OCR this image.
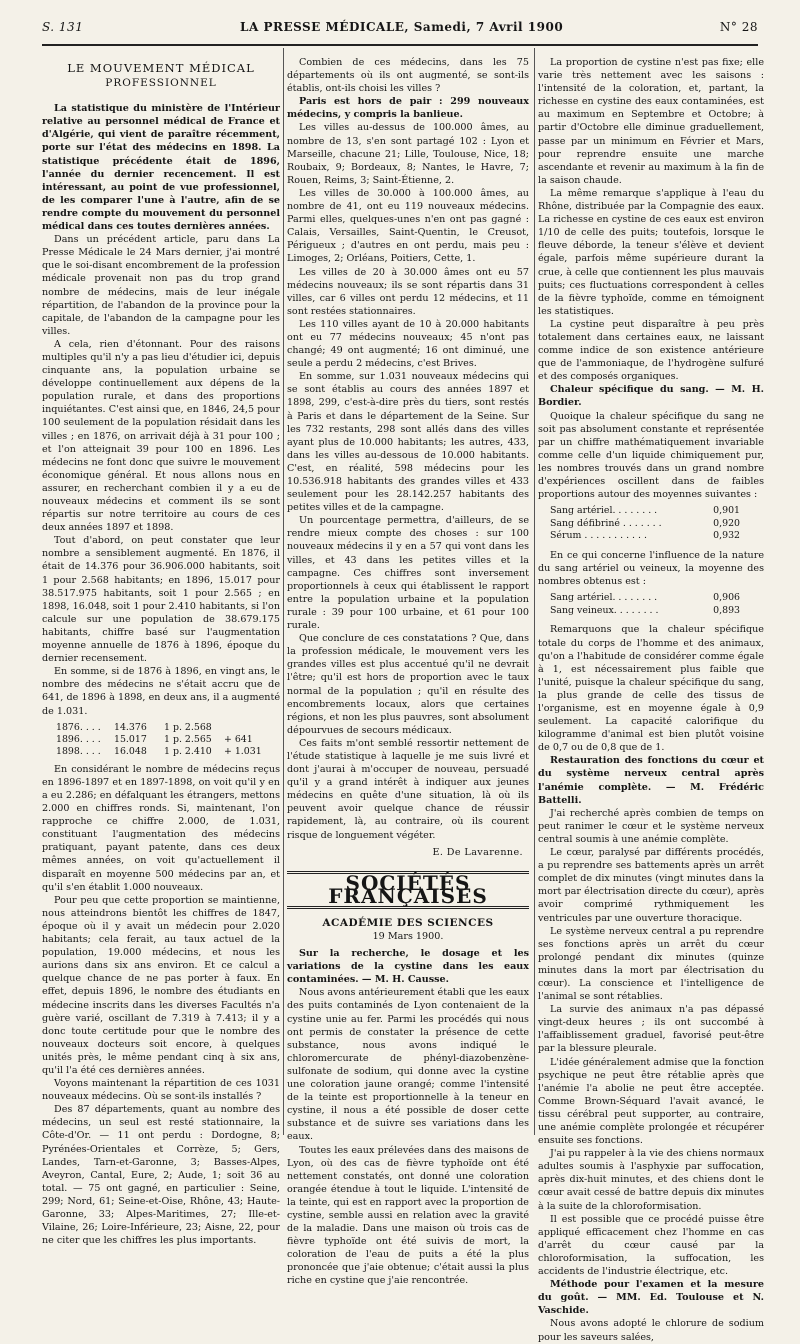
S. 131	LA PRESSE MÉDICALE, Samedi, 7 Avril 1900	N° 28
LE MOUVEMENT MÉDICAL
PROFESSIONNEL

La statistique du ministère de l'Intérieur relative au personnel médical de France et d'Algérie, qui vient de paraître récemment, porte sur l'état des médecins en 1898. La statistique précédente était de 1896, l'année du dernier recencement. Il est intéressant, au point de vue professionnel, de les comparer l'une à l'autre, afin de se rendre compte du mouvement du personnel médical dans ces toutes dernières années.

Dans un précédent article, paru dans La Presse Médicale le 24 Mars dernier, j'ai montré que le soi-disant encombrement de la profession médicale provenait non pas du trop grand nombre de médecins, mais de leur inégale répartition, de l'abandon de la province pour la capitale, de l'abandon de la campagne pour les villes.

A cela, rien d'étonnant. Pour des raisons multiples qu'il n'y a pas lieu d'étudier ici, depuis cinquante ans, la population urbaine se développe continuellement aux dépens de la population rurale, et dans des proportions inquiétantes. C'est ainsi que, en 1846, 24,5 pour 100 seulement de la population résidait dans les villes ; en 1876, on arrivait déjà à 31 pour 100 ; et l'on atteignait 39 pour 100 en 1896. Les médecins ne font donc que suivre le mouvement économique général. Et nous allons nous en assurer, en recherchant combien il y a eu de nouveaux médecins et comment ils se sont répartis sur notre territoire au cours de ces deux années 1897 et 1898.

Tout d'abord, on peut constater que leur nombre a sensiblement augmenté. En 1876, il était de 14.376 pour 36.906.000 habitants, soit 1 pour 2.568 habitants; en 1896, 15.017 pour 38.517.975 habitants, soit 1 pour 2.565 ; en 1898, 16.048, soit 1 pour 2.410 habitants, si l'on calcule sur une population de 38.679.175 habitants, chiffre basé sur l'augmentation moyenne annuelle de 1876 à 1896, époque du dernier recensement.

En somme, si de 1876 à 1896, en vingt ans, le nombre des médecins ne s'était accru que de 641, de 1896 à 1898, en deux ans, il a augmenté de 1.031.

1876. . . .	14.376	1 p. 2.568
1896. . . .	15.017	1 p. 2.565	+ 641
1898. . . .	16.048	1 p. 2.410	+ 1.031

En considérant le nombre de médecins reçus en 1896-1897 et en 1897-1898, on voit qu'il y en a eu 2.286; en défalquant les étrangers, mettons 2.000 en chiffres ronds. Si, maintenant, l'on rapproche ce chiffre 2.000, de 1.031, constituant l'augmentation des médecins pratiquant, payant patente, dans ces deux mêmes années, on voit qu'actuellement il disparaît en moyenne 500 médecins par an, et qu'il s'en établit 1.000 nouveaux.

Pour peu que cette proportion se maintienne, nous atteindrons bientôt les chiffres de 1847, époque où il y avait un médecin pour 2.020 habitants; cela ferait, au taux actuel de la population, 19.000 médecins, et nous les aurions dans six ans environ. Et ce calcul a quelque chance de ne pas porter à faux. En effet, depuis 1896, le nombre des étudiants en médecine inscrits dans les diverses Facultés n'a guère varié, oscillant de 7.319 à 7.413; il y a donc toute certitude pour que le nombre des nouveaux docteurs soit encore, à quelques unités près, le même pendant cinq à six ans, qu'il l'a été ces dernières années.

Voyons maintenant la répartition de ces 1031 nouveaux médecins. Où se sont-ils installés ?

Des 87 départements, quant au nombre des médecins, un seul est resté stationnaire, la Côte-d'Or. — 11 ont perdu : Dordogne, 8; Pyrénées-Orientales et Corrèze, 5; Gers, Landes, Tarn-et-Garonne, 3; Basses-Alpes, Aveyron, Cantal, Eure, 2; Aude, 1; soit 36 au total. — 75 ont gagné, en particulier : Seine, 299; Nord, 61; Seine-et-Oise, Rhône, 43; Haute-Garonne, 33; Alpes-Maritimes, 27; Ille-et-Vilaine, 26; Loire-Inférieure, 23; Aisne, 22, pour ne citer que les chiffres les plus importants.

Combien de ces médecins, dans les 75 départements où ils ont augmenté, se sont-ils établis, ont-ils choisi les villes ?

Paris est hors de pair : 299 nouveaux médecins, y compris la banlieue.

Les villes au-dessus de 100.000 âmes, au nombre de 13, s'en sont partagé 102 : Lyon et Marseille, chacune 21; Lille, Toulouse, Nice, 18; Roubaix, 9; Bordeaux, 8; Nantes, le Havre, 7; Rouen, Reims, 3; Saint-Étienne, 2.

Les villes de 30.000 à 100.000 âmes, au nombre de 41, ont eu 119 nouveaux médecins. Parmi elles, quelques-unes n'en ont pas gagné : Calais, Versailles, Saint-Quentin, le Creusot, Périgueux ; d'autres en ont perdu, mais peu : Limoges, 2; Orléans, Poitiers, Cette, 1.

Les villes de 20 à 30.000 âmes ont eu 57 médecins nouveaux; ils se sont répartis dans 31 villes, car 6 villes ont perdu 12 médecins, et 11 sont restées stationnaires.

Les 110 villes ayant de 10 à 20.000 habitants ont eu 77 médecins nouveaux; 45 n'ont pas changé; 49 ont augmenté; 16 ont diminué, une seule a perdu 2 médecins, c'est Brives.

En somme, sur 1.031 nouveaux médecins qui se sont établis au cours des années 1897 et 1898, 299, c'est-à-dire près du tiers, sont restés à Paris et dans le département de la Seine. Sur les 732 restants, 298 sont allés dans des villes ayant plus de 10.000 habitants; les autres, 433, dans les villes au-dessous de 10.000 habitants. C'est, en réalité, 598 médecins pour les 10.536.918 habitants des grandes villes et 433 seulement pour les 28.142.257 habitants des petites villes et de la campagne.

Un pourcentage permettra, d'ailleurs, de se rendre mieux compte des choses : sur 100 nouveaux médecins il y en a 57 qui vont dans les villes, et 43 dans les petites villes et la campagne. Ces chiffres sont inversement proportionnels à ceux qui établissent le rapport entre la population urbaine et la population rurale : 39 pour 100 urbaine, et 61 pour 100 rurale.

Que conclure de ces constatations ? Que, dans la profession médicale, le mouvement vers les grandes villes est plus accentué qu'il ne devrait l'être; qu'il est hors de proportion avec le taux normal de la population ; qu'il en résulte des encombrements locaux, alors que certaines régions, et non les plus pauvres, sont absolument dépourvues de secours médicaux.

Ces faits m'ont semblé ressortir nettement de l'étude statistique à laquelle je me suis livré et dont j'aurai à m'occuper de nouveau, persuadé qu'il y a grand intérêt à indiquer aux jeunes médecins en quête d'une situation, là où ils peuvent avoir quelque chance de réussir rapidement, là, au contraire, où ils courent risque de longuement végéter.

E. De Lavarenne.
SOCIÉTÉS FRANÇAISES
ACADÉMIE DES SCIENCES
19 Mars 1900.

Sur la recherche, le dosage et les variations de la cystine dans les eaux contaminées. — M. H. Causse.

Nous avons antérieurement établi que les eaux des puits contaminés de Lyon contenaient de la cystine unie au fer. Parmi les procédés qui nous ont permis de constater la présence de cette substance, nous avons indiqué le chloromercurate de phényl-diazobenzène-sulfonate de sodium, qui donne avec la cystine une coloration jaune orangé; comme l'intensité de la teinte est proportionnelle à la teneur en cystine, il nous a été possible de doser cette substance et de suivre ses variations dans les eaux.

Toutes les eaux prélevées dans des maisons de Lyon, où des cas de fièvre typhoïde ont été nettement constatés, ont donné une coloration orangée étendue à tout le liquide. L'intensité de la teinte, qui est en rapport avec la proportion de cystine, semble aussi en relation avec la gravité de la maladie. Dans une maison où trois cas de fièvre typhoïde ont été suivis de mort, la coloration de l'eau de puits a été la plus prononcée que j'aie obtenue; c'était aussi la plus riche en cystine que j'aie rencontrée.

La proportion de cystine n'est pas fixe; elle varie très nettement avec les saisons : l'intensité de la coloration, et, partant, la richesse en cystine des eaux contaminées, est au maximum en Septembre et Octobre; à partir d'Octobre elle diminue graduellement, passe par un minimum en Février et Mars, pour reprendre ensuite une marche ascendante et revenir au maximum à la fin de la saison chaude.

La même remarque s'applique à l'eau du Rhône, distribuée par la Compagnie des eaux. La richesse en cystine de ces eaux est environ 1/10 de celle des puits; toutefois, lorsque le fleuve déborde, la teneur s'élève et devient égale, parfois même supérieure durant la crue, à celle que contiennent les plus mauvais puits; ces fluctuations correspondent à celles de la fièvre typhoïde, comme en témoignent les statistiques.

La cystine peut disparaître à peu près totalement dans certaines eaux, ne laissant comme indice de son existence antérieure que de l'ammoniaque, de l'hydrogène sulfuré et des composés organiques.

Chaleur spécifique du sang. — M. H. Bordier.

Quoique la chaleur spécifique du sang ne soit pas absolument constante et représentée par un chiffre mathématiquement invariable comme celle d'un liquide chimiquement pur, les nombres trouvés dans un grand nombre d'expériences oscillent dans de faibles proportions autour des moyennes suivantes :

Sang artériel. . . . . . . .	0,901
Sang défibriné . . . . . . .	0,920
Sérum . . . . . . . . . . .	0,932

En ce qui concerne l'influence de la nature du sang artériel ou veineux, la moyenne des nombres obtenus est :

Sang artériel. . . . . . . .	0,906
Sang veineux. . . . . . . .	0,893

Remarquons que la chaleur spécifique totale du corps de l'homme et des animaux, qu'on a l'habitude de considérer comme égale à 1, est nécessairement plus faible que l'unité, puisque la chaleur spécifique du sang, la plus grande de celle des tissus de l'organisme, est en moyenne égale à 0,9 seulement. La capacité calorifique du kilogramme d'animal est bien plutôt voisine de 0,7 ou de 0,8 que de 1.

Restauration des fonctions du cœur et du système nerveux central après l'anémie complète. — M. Frédéric Battelli.

J'ai recherché après combien de temps on peut ranimer le cœur et le système nerveux central soumis à une anémie complète.

Le cœur, paralysé par différents procédés, a pu reprendre ses battements après un arrêt complet de dix minutes (vingt minutes dans la mort par électrisation directe du cœur), après avoir comprimé rythmiquement les ventricules par une ouverture thoracique.

Le système nerveux central a pu reprendre ses fonctions après un arrêt du cœur prolongé pendant dix minutes (quinze minutes dans la mort par électrisation du cœur). La conscience et l'intelligence de l'animal se sont rétablies.

La survie des animaux n'a pas dépassé vingt-deux heures ; ils ont succombé à l'affaiblissement graduel, favorisé peut-être par la blessure pleurale.

L'idée généralement admise que la fonction psychique ne peut être rétablie après que l'anémie l'a abolie ne peut être acceptée. Comme Brown-Séquard l'avait avancé, le tissu cérébral peut supporter, au contraire, une anémie complète prolongée et récupérer ensuite ses fonctions.

J'ai pu rappeler à la vie des chiens normaux adultes soumis à l'asphyxie par suffocation, après dix-huit minutes, et des chiens dont le cœur avait cessé de battre depuis dix minutes à la suite de la chloroformisation.

Il est possible que ce procédé puisse être appliqué efficacement chez l'homme en cas d'arrêt du cœur causé par la chloroformisation, la suffocation, les accidents de l'industrie électrique, etc.

Méthode pour l'examen et la mesure du goût. — MM. Ed. Toulouse et N. Vaschide.

Nous avons adopté le chlorure de sodium pour les saveurs salées,
